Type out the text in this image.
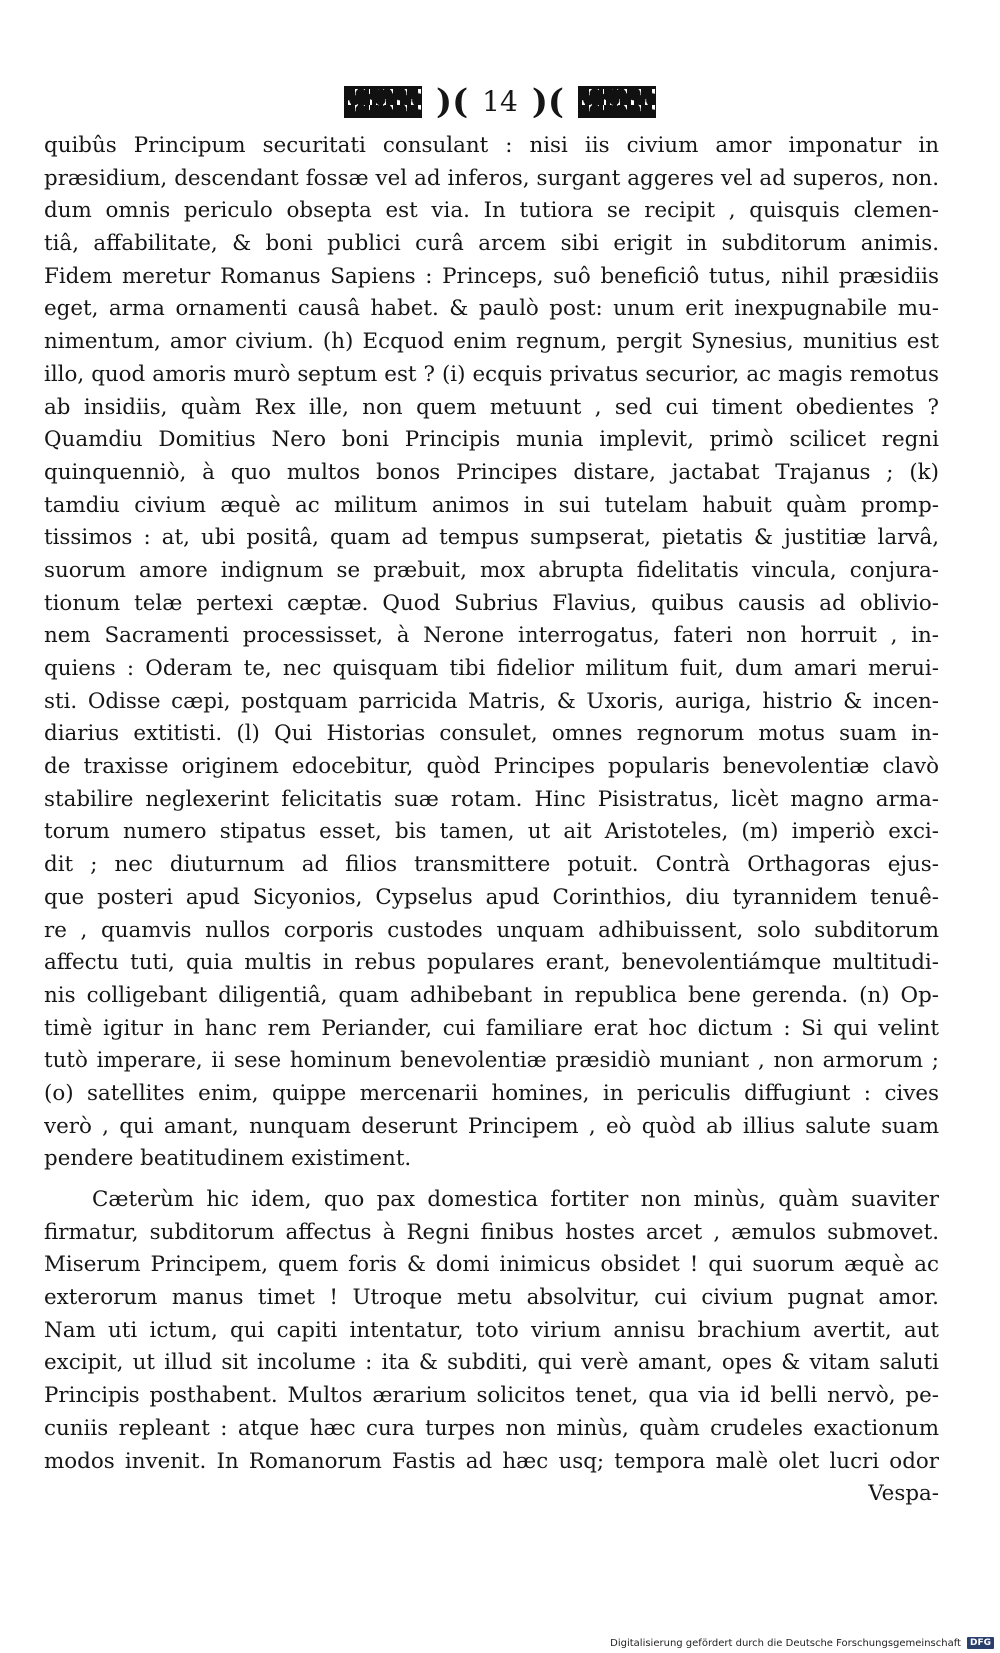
)( 14 )(
quibûs Principum securitati consulant : nisi iis civium amor imponatur in
præsidium, descendant fossæ vel ad inferos, surgant aggeres vel ad superos, non.
dum omnis periculo obsepta est via. In tutiora se recipit , quisquis clemen-
tiâ, affabilitate, & boni publici curâ arcem sibi erigit in subditorum animis.
Fidem meretur Romanus Sapiens : Princeps, suô beneficiô tutus, nihil præsidiis
eget, arma ornamenti causâ habet. & paulò post: unum erit inexpugnabile mu-
nimentum, amor civium. (h) Ecquod enim regnum, pergit Synesius, munitius est
illo, quod amoris murò septum est ? (i) ecquis privatus securior, ac magis remotus
ab insidiis, quàm Rex ille, non quem metuunt , sed cui timent obedientes ?
Quamdiu Domitius Nero boni Principis munia implevit, primò scilicet regni
quinquenniò, à quo multos bonos Principes distare, jactabat Trajanus ; (k)
tamdiu civium æquè ac militum animos in sui tutelam habuit quàm promp-
tissimos : at, ubi positâ, quam ad tempus sumpserat, pietatis & justitiæ larvâ,
suorum amore indignum se præbuit, mox abrupta fidelitatis vincula, conjura-
tionum telæ pertexi cæptæ. Quod Subrius Flavius, quibus causis ad oblivio-
nem Sacramenti processisset, à Nerone interrogatus, fateri non horruit , in-
quiens : Oderam te, nec quisquam tibi fidelior militum fuit, dum amari merui-
sti. Odisse cæpi, postquam parricida Matris, & Uxoris, auriga, histrio & incen-
diarius extitisti. (l) Qui Historias consulet, omnes regnorum motus suam in-
de traxisse originem edocebitur, quòd Principes popularis benevolentiæ clavò
stabilire neglexerint felicitatis suæ rotam. Hinc Pisistratus, licèt magno arma-
torum numero stipatus esset, bis tamen, ut ait Aristoteles, (m) imperiò exci-
dit ; nec diuturnum ad filios transmittere potuit. Contrà Orthagoras ejus-
que posteri apud Sicyonios, Cypselus apud Corinthios, diu tyrannidem tenuê-
re , quamvis nullos corporis custodes unquam adhibuissent, solo subditorum
affectu tuti, quia multis in rebus populares erant, benevolentiámque multitudi-
nis colligebant diligentiâ, quam adhibebant in republica bene gerenda. (n) Op-
timè igitur in hanc rem Periander, cui familiare erat hoc dictum : Si qui velint
tutò imperare, ii sese hominum benevolentiæ præsidiò muniant , non armorum ;
(o) satellites enim, quippe mercenarii homines, in periculis diffugiunt : cives
verò , qui amant, nunquam deserunt Principem , eò quòd ab illius salute suam
pendere beatitudinem existiment.
Cæterùm hic idem, quo pax domestica fortiter non minùs, quàm suaviter
firmatur, subditorum affectus à Regni finibus hostes arcet , æmulos submovet.
Miserum Principem, quem foris & domi inimicus obsidet ! qui suorum æquè ac
exterorum manus timet ! Utroque metu absolvitur, cui civium pugnat amor.
Nam uti ictum, qui capiti intentatur, toto virium annisu brachium avertit, aut
excipit, ut illud sit incolume : ita & subditi, qui verè amant, opes & vitam saluti
Principis posthabent. Multos ærarium solicitos tenet, qua via id belli nervò, pe-
cuniis repleant : atque hæc cura turpes non minùs, quàm crudeles exactionum
modos invenit. In Romanorum Fastis ad hæc usq; tempora malè olet lucri odor
Vespa-
Digitalisierung gefördert durch die Deutsche Forschungsgemeinschaft	DFG
